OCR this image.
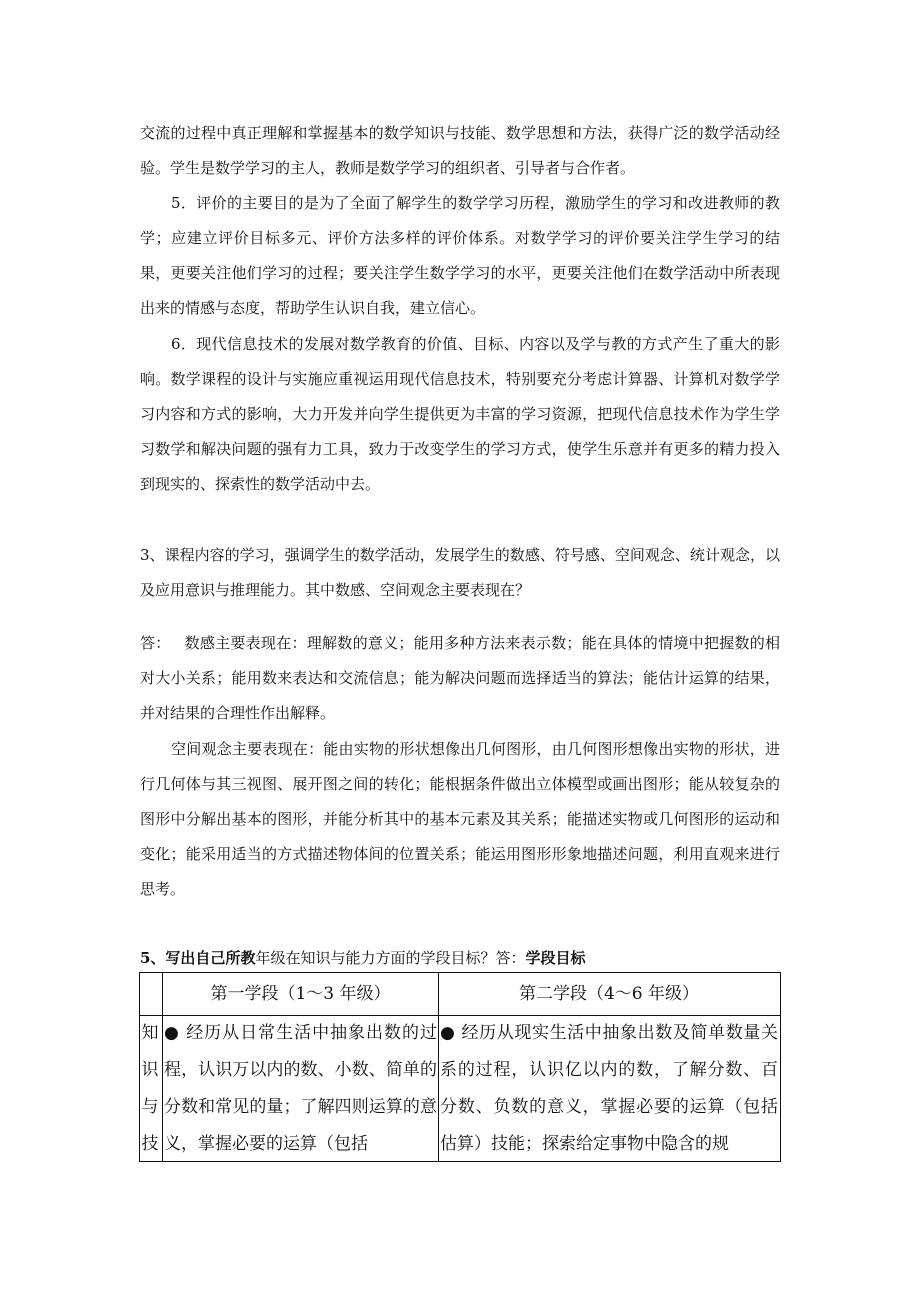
交流的过程中真正理解和掌握基本的数学知识与技能、数学思想和方法，获得广泛的数学活动经验。学生是数学学习的主人，教师是数学学习的组织者、引导者与合作者。

5．评价的主要目的是为了全面了解学生的数学学习历程，激励学生的学习和改进教师的教学；应建立评价目标多元、评价方法多样的评价体系。对数学学习的评价要关注学生学习的结果，更要关注他们学习的过程；要关注学生数学学习的水平，更要关注他们在数学活动中所表现出来的情感与态度，帮助学生认识自我，建立信心。

6．现代信息技术的发展对数学教育的价值、目标、内容以及学与教的方式产生了重大的影响。数学课程的设计与实施应重视运用现代信息技术，特别要充分考虑计算器、计算机对数学学习内容和方式的影响，大力开发并向学生提供更为丰富的学习资源，把现代信息技术作为学生学习数学和解决问题的强有力工具，致力于改变学生的学习方式，使学生乐意并有更多的精力投入到现实的、探索性的数学活动中去。

3、课程内容的学习，强调学生的数学活动，发展学生的数感、符号感、空间观念、统计观念，以及应用意识与推理能力。其中数感、空间观念主要表现在？

答： 数感主要表现在：理解数的意义；能用多种方法来表示数；能在具体的情境中把握数的相对大小关系；能用数来表达和交流信息；能为解决问题而选择适当的算法；能估计运算的结果，并对结果的合理性作出解释。

空间观念主要表现在：能由实物的形状想像出几何图形，由几何图形想像出实物的形状，进行几何体与其三视图、展开图之间的转化；能根据条件做出立体模型或画出图形；能从较复杂的图形中分解出基本的图形，并能分析其中的基本元素及其关系；能描述实物或几何图形的运动和变化；能采用适当的方式描述物体间的位置关系；能运用图形形象地描述问题，利用直观来进行思考。

5、写出自己所教年级在知识与能力方面的学段目标？答：学段目标

第一学段（1～3 年级）	第二学段（4～6 年级）
知识与技
● 经历从日常生活中抽象出数的过程，认识万以内的数、小数、简单的分数和常见的量；了解四则运算的意义，掌握必要的运算（包括
● 经历从现实生活中抽象出数及简单数量关系的过程，认识亿以内的数，了解分数、百分数、负数的意义，掌握必要的运算（包括估算）技能；探索给定事物中隐含的规
